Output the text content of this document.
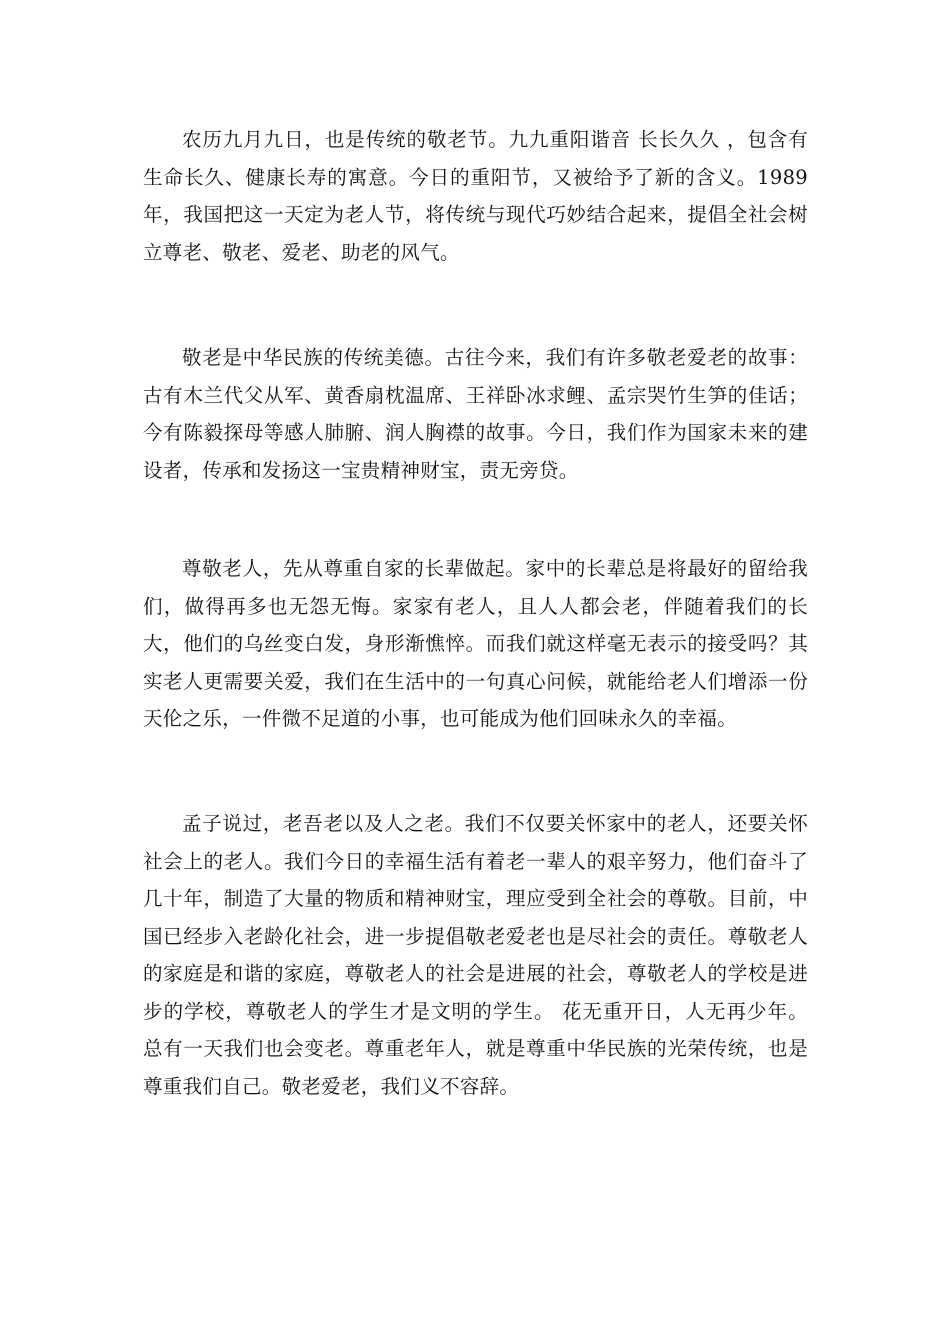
农历九月九日，也是传统的敬老节。九九重阳谐音 长长久久 ，包含有生命长久、健康长寿的寓意。今日的重阳节，又被给予了新的含义。1989年，我国把这一天定为老人节，将传统与现代巧妙结合起来，提倡全社会树立尊老、敬老、爱老、助老的风气。

敬老是中华民族的传统美德。古往今来，我们有许多敬老爱老的故事：古有木兰代父从军、黄香扇枕温席、王祥卧冰求鲤、孟宗哭竹生笋的佳话；今有陈毅探母等感人肺腑、润人胸襟的故事。今日，我们作为国家未来的建设者，传承和发扬这一宝贵精神财宝，责无旁贷。

尊敬老人，先从尊重自家的长辈做起。家中的长辈总是将最好的留给我们，做得再多也无怨无悔。家家有老人，且人人都会老，伴随着我们的长大，他们的乌丝变白发，身形渐憔悴。而我们就这样毫无表示的接受吗？其实老人更需要关爱，我们在生活中的一句真心问候，就能给老人们增添一份天伦之乐，一件微不足道的小事，也可能成为他们回味永久的幸福。

孟子说过，老吾老以及人之老。我们不仅要关怀家中的老人，还要关怀社会上的老人。我们今日的幸福生活有着老一辈人的艰辛努力，他们奋斗了几十年，制造了大量的物质和精神财宝，理应受到全社会的尊敬。目前，中国已经步入老龄化社会，进一步提倡敬老爱老也是尽社会的责任。尊敬老人的家庭是和谐的家庭，尊敬老人的社会是进展的社会，尊敬老人的学校是进步的学校，尊敬老人的学生才是文明的学生。 花无重开日，人无再少年。 总有一天我们也会变老。尊重老年人，就是尊重中华民族的光荣传统，也是尊重我们自己。敬老爱老，我们义不容辞。
